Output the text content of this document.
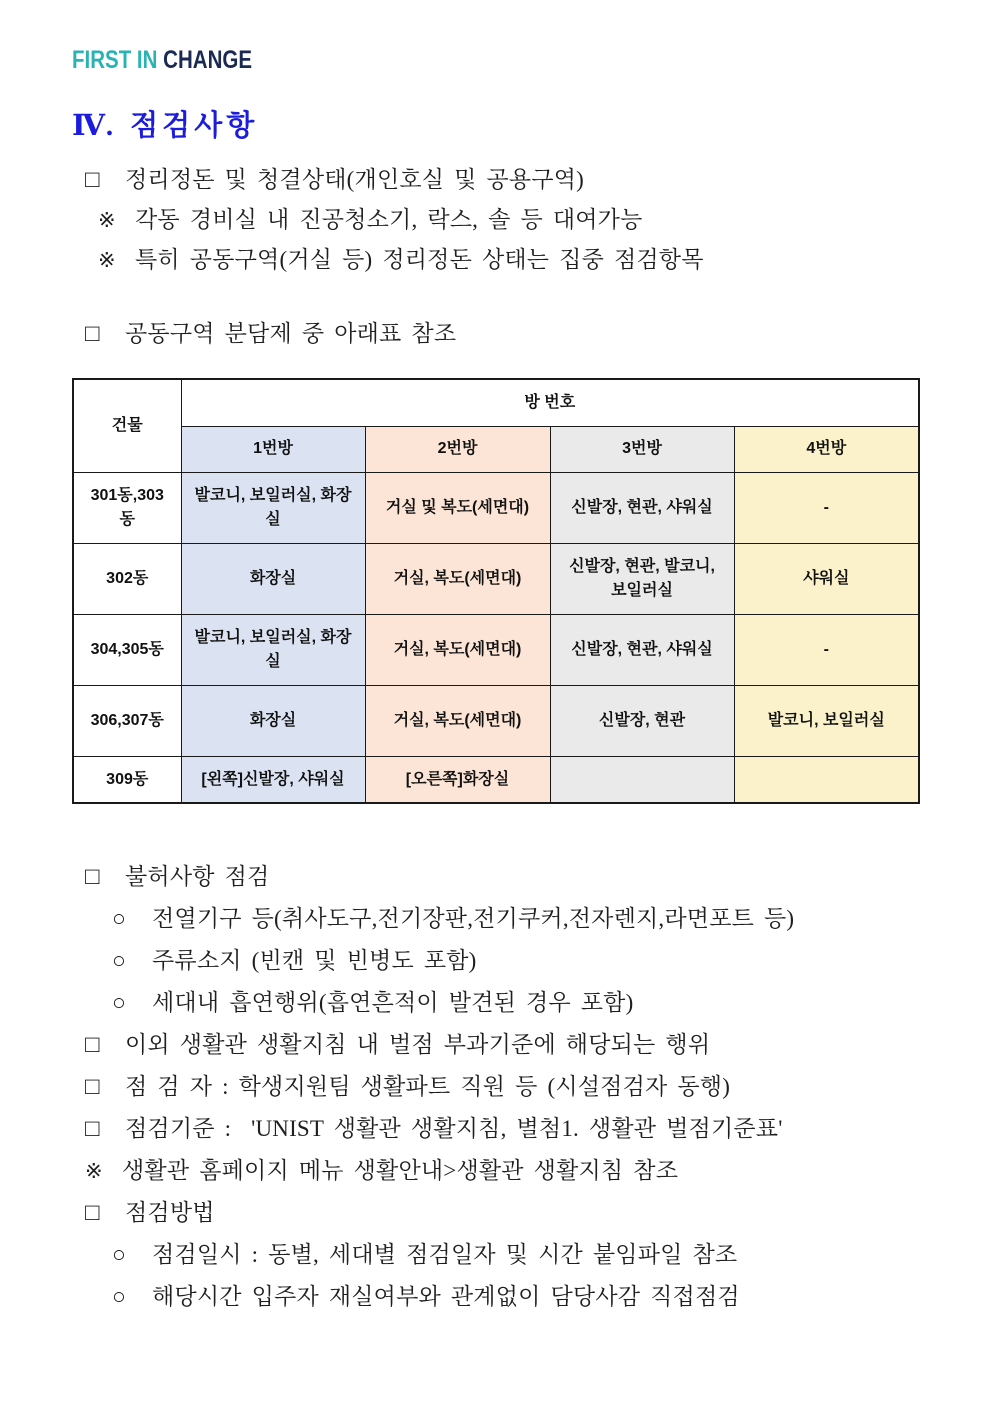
FIRST IN CHANGE
Ⅳ. 점검사항
□	정리정돈 및 청결상태(개인호실 및 공용구역)
※ 각동 경비실 내 진공청소기, 락스, 솔 등 대여가능
※ 특히 공동구역(거실 등) 정리정돈 상태는 집중 점검항목
□	공동구역 분담제 중 아래표 참조
건물	방 번호			
	1번방	2번방	3번방	4번방
301동,303동	발코니, 보일러실, 화장실	거실 및 복도(세면대)	신발장, 현관, 샤워실	-
302동	화장실	거실, 복도(세면대)	신발장, 현관, 발코니, 보일러실	샤워실
304,305동	발코니, 보일러실, 화장실	거실, 복도(세면대)	신발장, 현관, 샤워실	-
306,307동	화장실	거실, 복도(세면대)	신발장, 현관	발코니, 보일러실
309동	[왼쪽]신발장, 샤워실	[오른쪽]화장실		
□	불허사항 점검
○	전열기구 등(취사도구,전기장판,전기쿠커,전자렌지,라면포트 등)
○	주류소지 (빈캔 및 빈병도 포함)
○	세대내 흡연행위(흡연흔적이 발견된 경우 포함)
□	이외 생활관 생활지침 내 벌점 부과기준에 해당되는 행위
□	점 검 자 : 학생지원팀 생활파트 직원 등 (시설점검자 동행)
□	점검기준 :  'UNIST 생활관 생활지침, 별첨1. 생활관 벌점기준표'
※ 생활관 홈페이지 메뉴 생활안내>생활관 생활지침 참조
□	점검방법
○	점검일시 : 동별, 세대별 점검일자 및 시간 붙임파일 참조
○	해당시간 입주자 재실여부와 관계없이 담당사감 직접점검
